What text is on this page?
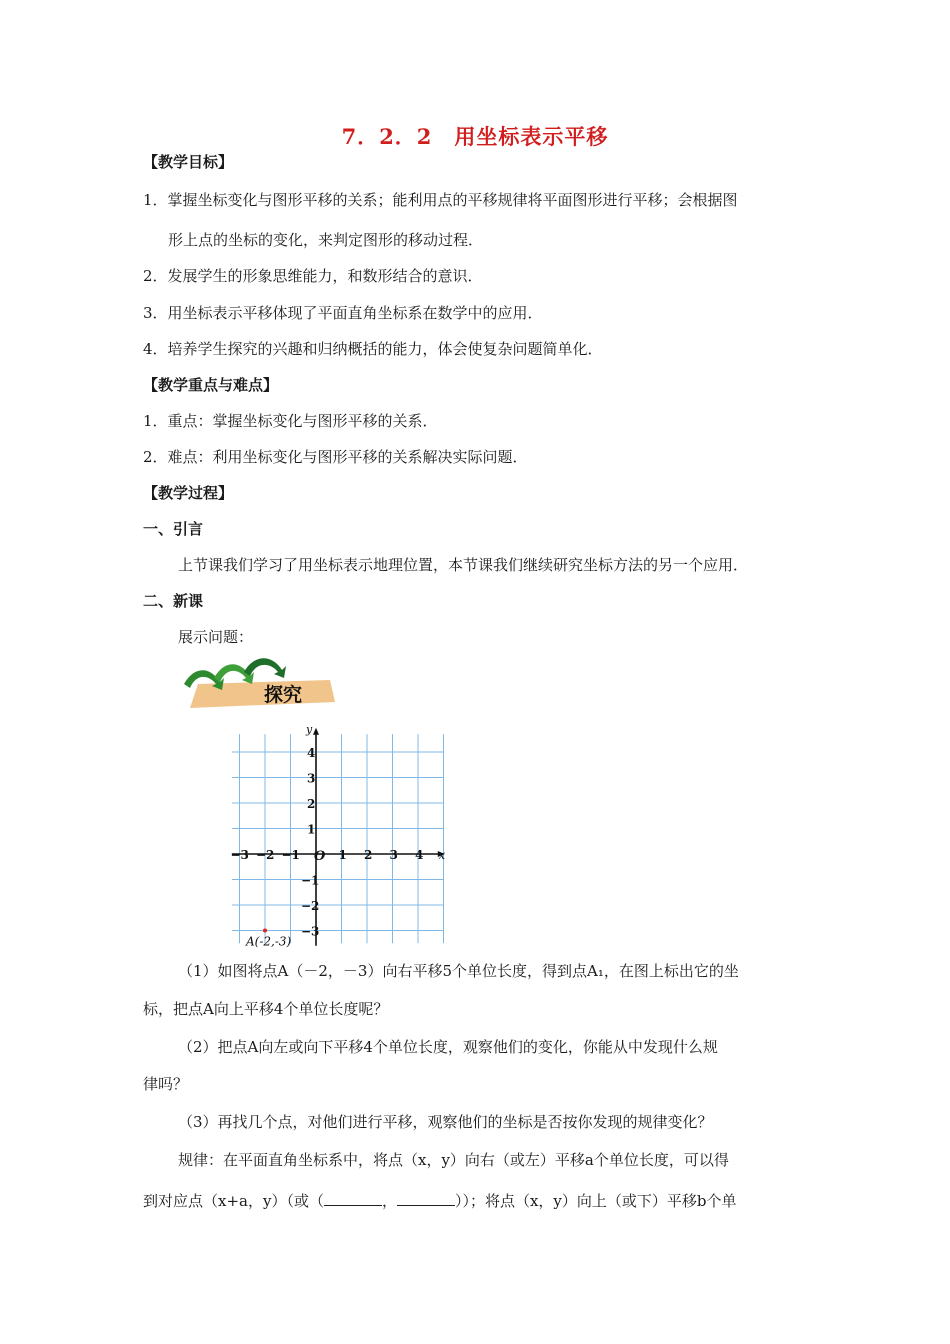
7．2．2　用坐标表示平移
【教学目标】
1．掌握坐标变化与图形平移的关系；能利用点的平移规律将平面图形进行平移；会根据图
形上点的坐标的变化，来判定图形的移动过程．
2．发展学生的形象思维能力，和数形结合的意识．
3．用坐标表示平移体现了平面直角坐标系在数学中的应用．
4．培养学生探究的兴趣和归纳概括的能力，体会使复杂问题简单化．
【教学重点与难点】
1．重点：掌握坐标变化与图形平移的关系．
2．难点：利用坐标变化与图形平移的关系解决实际问题．
【教学过程】
一、引言
上节课我们学习了用坐标表示地理位置，本节课我们继续研究坐标方法的另一个应用．
二、新课
展示问题：
探究
y
x
O
−3 −2 −1	1 2 3 4
4
3
2
1
−1
−2
−3
A(-2,-3)
（1）如图将点A（－2，－3）向右平移5个单位长度，得到点A₁，在图上标出它的坐
标，把点A向上平移4个单位长度呢？
（2）把点A向左或向下平移4个单位长度，观察他们的变化，你能从中发现什么规
律吗？
（3）再找几个点，对他们进行平移，观察他们的坐标是否按你发现的规律变化？
规律：在平面直角坐标系中，将点（x，y）向右（或左）平移a个单位长度，可以得
到对应点（x+a，y）（或（	，	））；将点（x，y）向上（或下）平移b个单
